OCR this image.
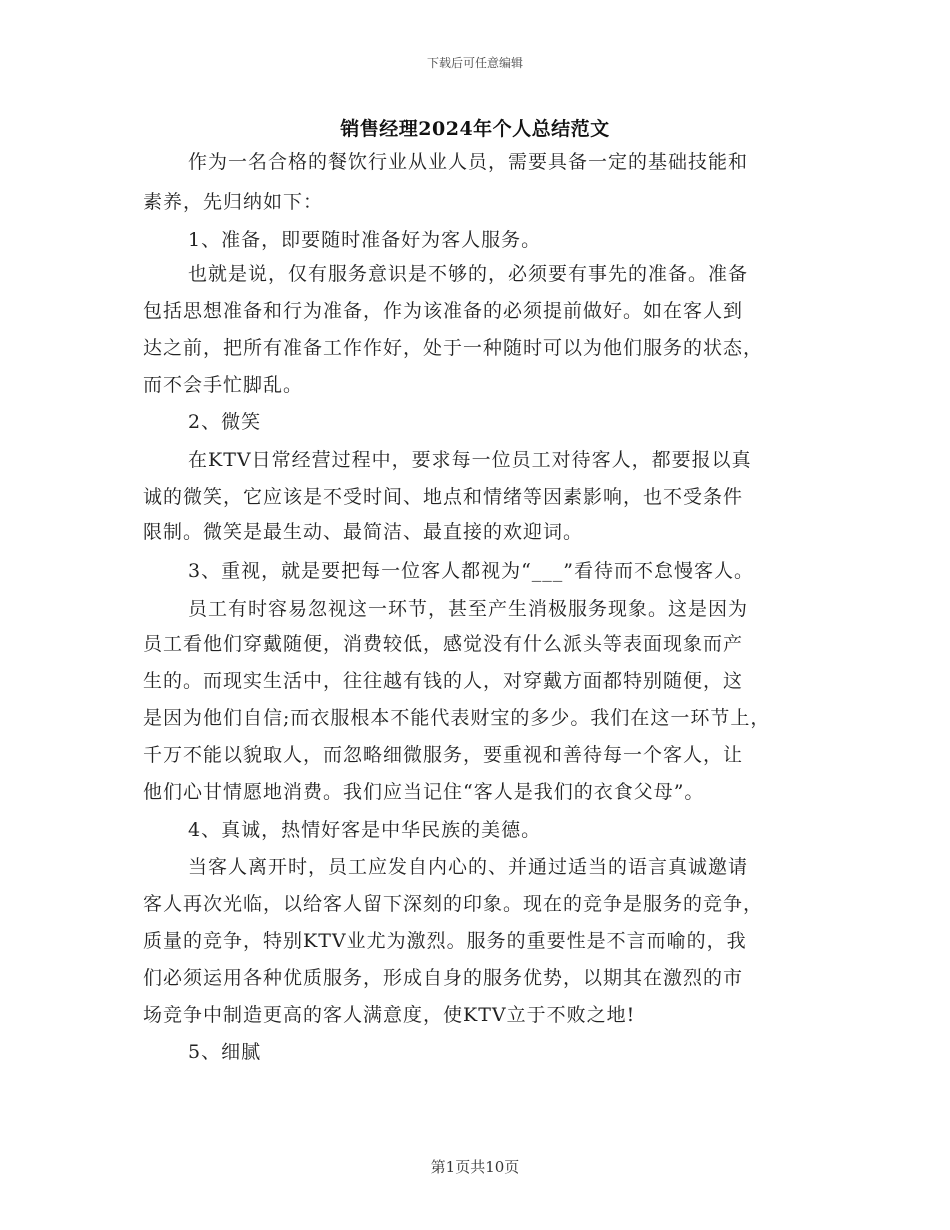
下载后可任意编辑
销售经理2024年个人总结范文
作为一名合格的餐饮行业从业人员，需要具备一定的基础技能和
素养，先归纳如下：
1、准备，即要随时准备好为客人服务。
也就是说，仅有服务意识是不够的，必须要有事先的准备。准备
包括思想准备和行为准备，作为该准备的必须提前做好。如在客人到
达之前，把所有准备工作作好，处于一种随时可以为他们服务的状态，
而不会手忙脚乱。
2、微笑
在KTV日常经营过程中，要求每一位员工对待客人，都要报以真
诚的微笑，它应该是不受时间、地点和情绪等因素影响，也不受条件
限制。微笑是最生动、最简洁、最直接的欢迎词。
3、重视，就是要把每一位客人都视为“___”看待而不怠慢客人。
员工有时容易忽视这一环节，甚至产生消极服务现象。这是因为
员工看他们穿戴随便，消费较低，感觉没有什么派头等表面现象而产
生的。而现实生活中，往往越有钱的人，对穿戴方面都特别随便，这
是因为他们自信;而衣服根本不能代表财宝的多少。我们在这一环节上，
千万不能以貌取人，而忽略细微服务，要重视和善待每一个客人，让
他们心甘情愿地消费。我们应当记住“客人是我们的衣食父母”。
4、真诚，热情好客是中华民族的美德。
当客人离开时，员工应发自内心的、并通过适当的语言真诚邀请
客人再次光临，以给客人留下深刻的印象。现在的竞争是服务的竞争，
质量的竞争，特别KTV业尤为激烈。服务的重要性是不言而喻的，我
们必须运用各种优质服务，形成自身的服务优势，以期其在激烈的市
场竞争中制造更高的客人满意度，使KTV立于不败之地!
5、细腻
第1页共10页
